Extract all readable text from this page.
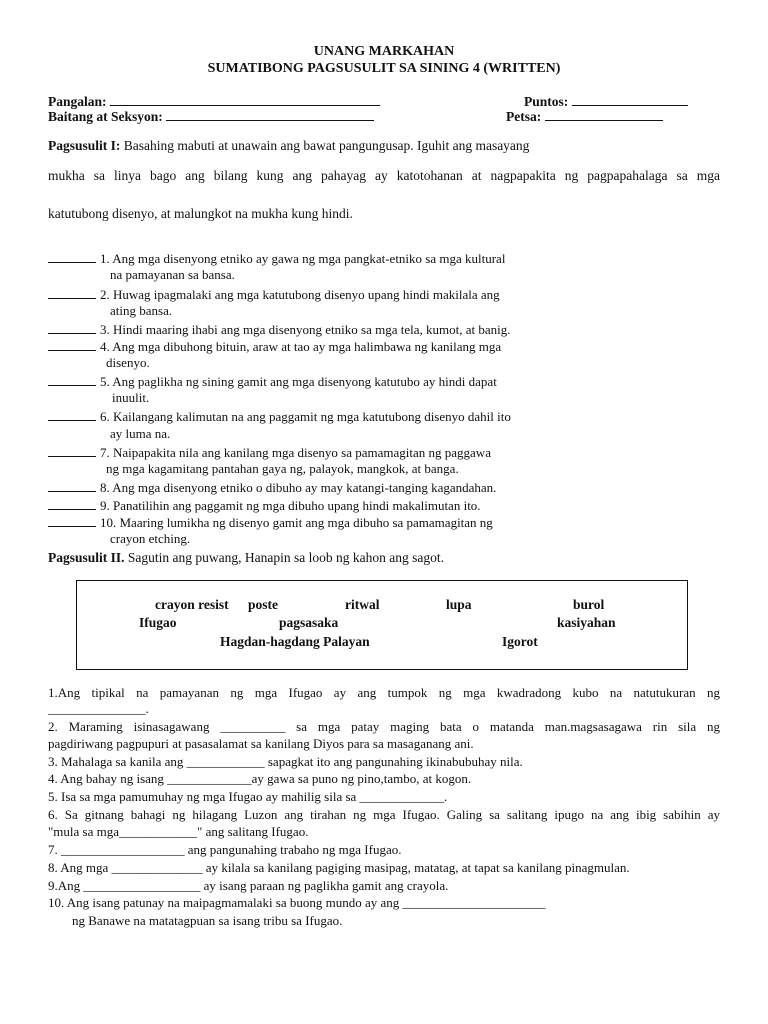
UNANG MARKAHAN
SUMATIBONG PAGSUSULIT SA SINING 4 (WRITTEN)
Pangalan:	Puntos:
Baitang at Seksyon:	Petsa:
Pagsusulit I: Basahing mabuti at unawain ang bawat pangungusap. Iguhit ang masayang
mukha sa linya bago ang bilang kung ang pahayag ay katotohanan at nagpapakita ng pagpapahalaga sa mga
katutubong disenyo, at malungkot na mukha kung hindi.
1. Ang mga disenyong etniko ay gawa ng mga pangkat-etniko sa mga kultural
na pamayanan sa bansa.
2. Huwag ipagmalaki ang mga katutubong disenyo upang hindi makilala ang
ating bansa.
3. Hindi maaring ihabi ang mga disenyong etniko sa mga tela, kumot, at banig.
4. Ang mga dibuhong bituin, araw at tao ay mga halimbawa ng kanilang mga
disenyo.
5. Ang paglikha ng sining gamit ang mga disenyong katutubo ay hindi dapat
inuulit.
6. Kailangang kalimutan na ang paggamit ng mga katutubong disenyo dahil ito
ay luma na.
7. Naipapakita nila ang kanilang mga disenyo sa pamamagitan ng paggawa
ng mga kagamitang pantahan gaya ng, palayok, mangkok, at banga.
8. Ang mga disenyong etniko o dibuho ay may katangi-tanging kagandahan.
9. Panatilihin ang paggamit ng mga dibuho upang hindi makalimutan ito.
10. Maaring lumikha ng disenyo gamit ang mga dibuho sa pamamagitan ng
crayon etching.
Pagsusulit II. Sagutin ang puwang, Hanapin sa loob ng kahon ang sagot.
crayon resist poste	ritwal	lupa	burol
Ifugao	pagsasaka	kasiyahan
Hagdan-hagdang Palayan	Igorot
1.Ang tipikal na pamayanan ng mga Ifugao ay ang tumpok ng mga kwadradong kubo na natutukuran ng
_______________.
2. Maraming isinasagawang __________ sa mga patay maging bata o matanda man.magsasagawa rin sila ng
pagdiriwang pagpupuri at pasasalamat sa kanilang Diyos para sa masaganang ani.
3. Mahalaga sa kanila ang ____________ sapagkat ito ang pangunahing ikinabubuhay nila.
4. Ang bahay ng isang _____________ay gawa sa puno ng pino,tambo, at kogon.
5. Isa sa mga pamumuhay ng mga Ifugao ay mahilig sila sa _____________.
6. Sa gitnang bahagi ng hilagang Luzon ang tirahan ng mga Ifugao. Galing sa salitang ipugo na ang ibig sabihin ay
"mula sa mga____________" ang salitang Ifugao.
7. ___________________ ang pangunahing trabaho ng mga Ifugao.
8. Ang mga ______________ ay kilala sa kanilang pagiging masipag, matatag, at tapat sa kanilang pinagmulan.
9.Ang __________________ ay isang paraan ng paglikha gamit ang crayola.
10. Ang isang patunay na maipagmamalaki sa buong mundo ay ang ______________________
ng Banawe na matatagpuan sa isang tribu sa Ifugao.
